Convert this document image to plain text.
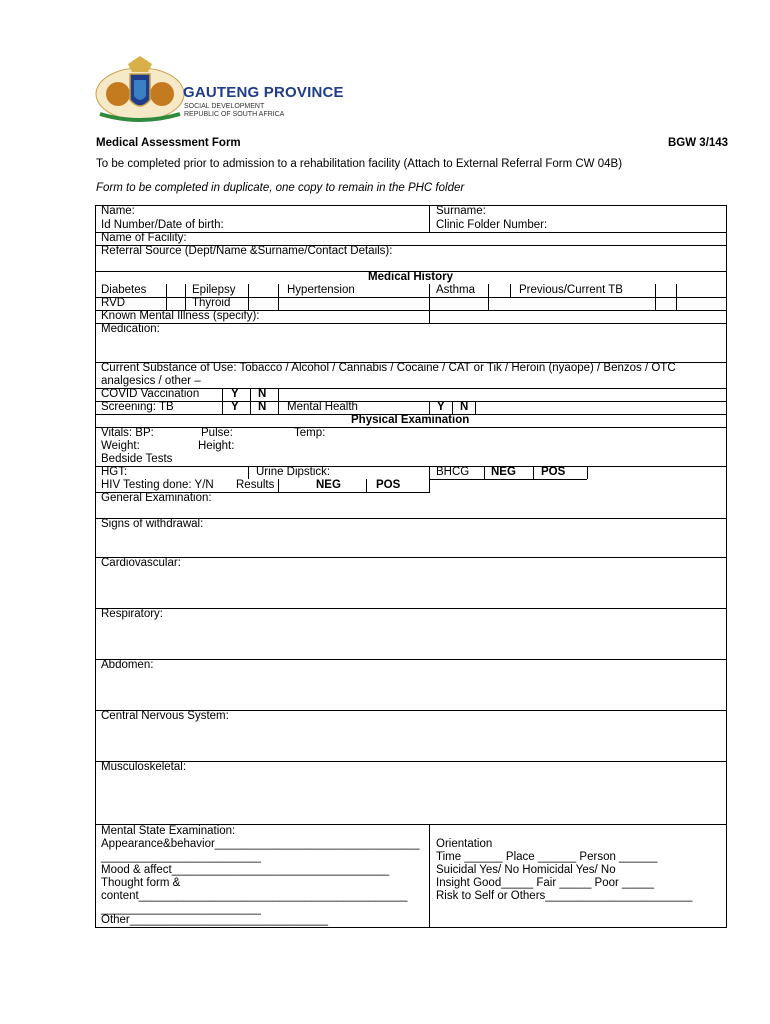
GAUTENG PROVINCE
SOCIAL DEVELOPMENT
REPUBLIC OF SOUTH AFRICA
Medical Assessment Form	BGW 3/143
To be completed prior to admission to a rehabilitation facility (Attach to External Referral Form CW 04B)
Form to be completed in duplicate, one copy to remain in the PHC folder
Name:	Surname:
Id Number/Date of birth:	Clinic Folder Number:
Name of Facility:
Referral Source (Dept/Name &Surname/Contact Details):
Medical History
Diabetes	Epilepsy	Hypertension	Asthma	Previous/Current TB
RVD	Thyroid
Known Mental Illness (specify):
Medication:
Current Substance of Use: Tobacco / Alcohol / Cannabis / Cocaine / CAT or Tik / Heroin (nyaope) / Benzos / OTC
analgesics / other –
COVID Vaccination	Y N
Screening: TB	Y N Mental Health	Y N
Physical Examination
Vitals: BP:	Pulse:	Temp:
Weight:	Height:
Bedside Tests
HGT:	Urine Dipstick:	BHCG NEG POS
HIV Testing done: Y/N Results	NEG	POS
General Examination:
Signs of withdrawal:
Cardiovascular:
Respiratory:
Abdomen:
Central Nervous System:
Musculoskeletal:
Mental State Examination:
Appearance&behavior________________________________
_________________________
Mood & affect__________________________________
Thought form &
content__________________________________________
_________________________
Other_______________________________
Orientation
Time ______ Place ______ Person ______
Suicidal Yes/ No Homicidal Yes/ No
Insight Good_____ Fair _____ Poor _____
Risk to Self or Others_______________________
